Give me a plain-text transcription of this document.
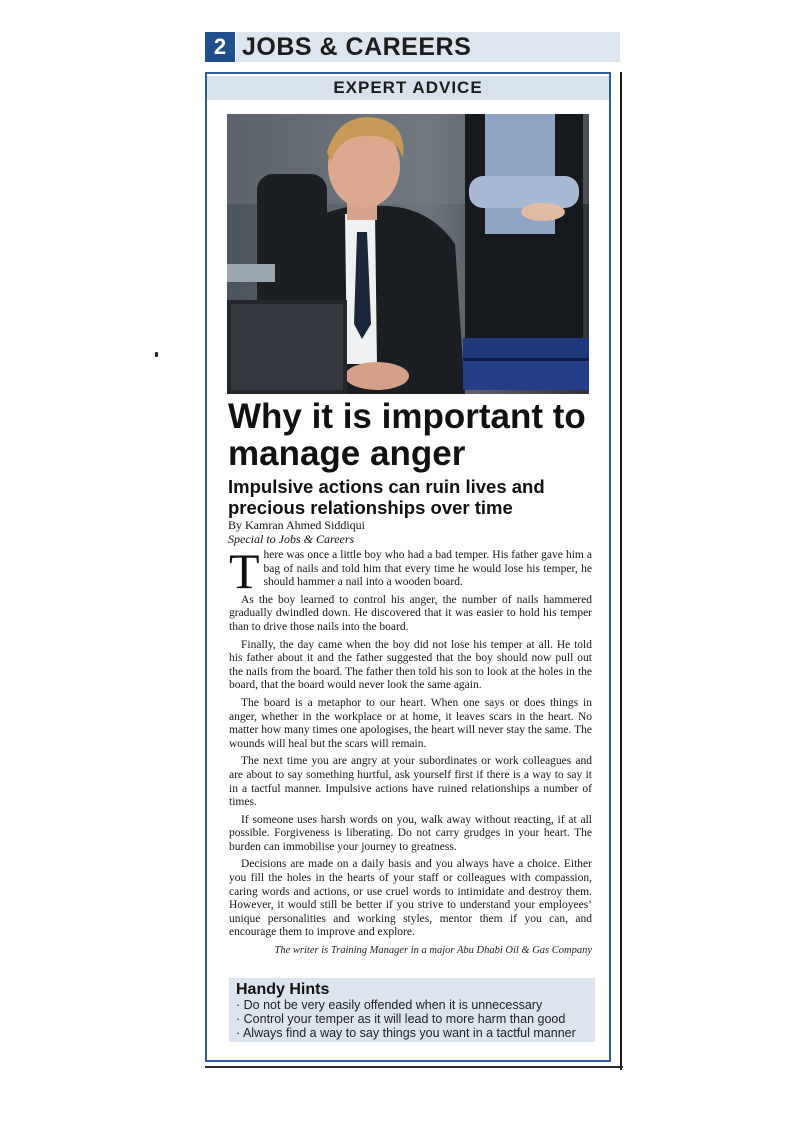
2 JOBS & CAREERS
EXPERT ADVICE
Why it is important to manage anger
Impulsive actions can ruin lives and precious relationships over time
By Kamran Ahmed Siddiqui
Special to Jobs & Careers

There was once a little boy who had a bad temper. His father gave him a bag of nails and told him that every time he would lose his temper, he should hammer a nail into a wooden board.

As the boy learned to control his anger, the number of nails hammered gradually dwindled down. He discovered that it was easier to hold his temper than to drive those nails into the board.

Finally, the day came when the boy did not lose his temper at all. He told his father about it and the father suggested that the boy should now pull out the nails from the board. The father then told his son to look at the holes in the board, that the board would never look the same again.

The board is a metaphor to our heart. When one says or does things in anger, whether in the workplace or at home, it leaves scars in the heart. No matter how many times one apologises, the heart will never stay the same. The wounds will heal but the scars will remain.

The next time you are angry at your subordinates or work colleagues and are about to say something hurtful, ask yourself first if there is a way to say it in a tactful manner. Impulsive actions have ruined relationships a number of times.

If someone uses harsh words on you, walk away without reacting, if at all possible. Forgiveness is liberating. Do not carry grudges in your heart. The burden can immobilise your journey to greatness.

Decisions are made on a daily basis and you always have a choice. Either you fill the holes in the hearts of your staff or colleagues with compassion, caring words and actions, or use cruel words to intimidate and destroy them. However, it would still be better if you strive to understand your employees’ unique personalities and working styles, mentor them if you can, and encourage them to improve and explore.

The writer is Training Manager in a major Abu Dhabi Oil & Gas Company
Handy Hints
· Do not be very easily offended when it is unnecessary
· Control your temper as it will lead to more harm than good
· Always find a way to say things you want in a tactful manner
